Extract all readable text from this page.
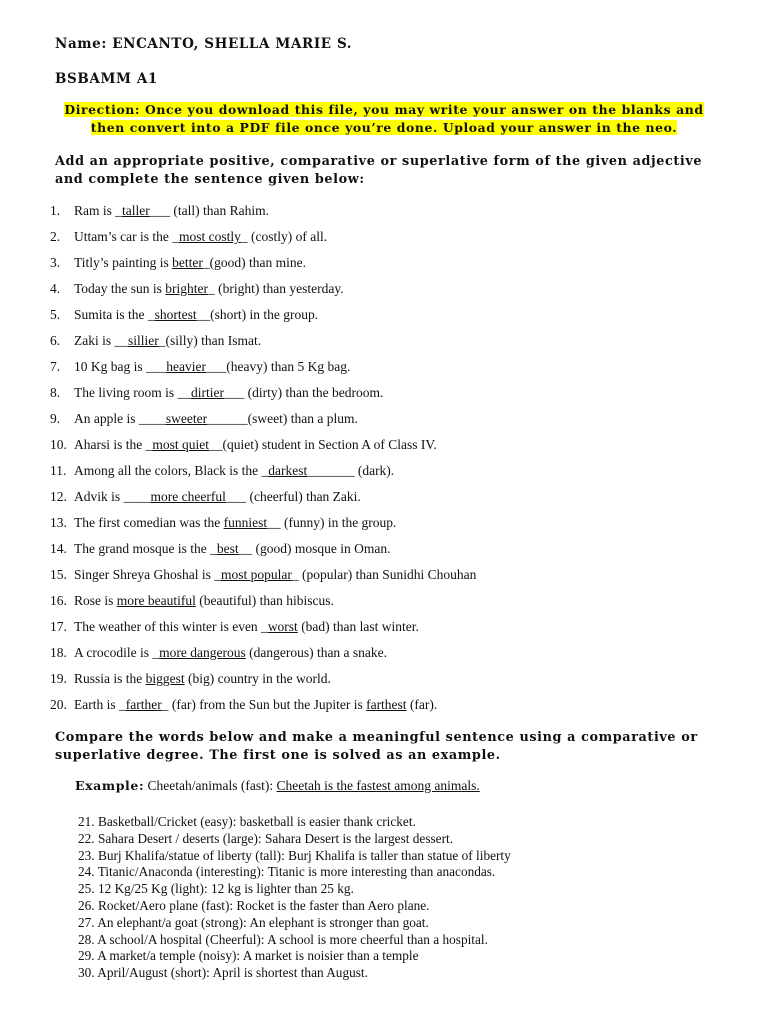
Name: ENCANTO, SHELLA MARIE S.
BSBAMM A1
Direction: Once you download this file, you may write your answer on the blanks and
then convert into a PDF file once you’re done. Upload your answer in the neo.
Add an appropriate positive, comparative or superlative form of the given adjective
and complete the sentence given below:
1. Ram is _taller___ (tall) than Rahim.
2. Uttam’s car is the _most costly_ (costly) of all.
3. Titly’s painting is better_(good) than mine.
4. Today the sun is brighter_ (bright) than yesterday.
5. Sumita is the _shortest__(short) in the group.
6. Zaki is __sillier_(silly) than Ismat.
7. 10 Kg bag is ___heavier___(heavy) than 5 Kg bag.
8. The living room is __dirtier___ (dirty) than the bedroom.
9. An apple is ____sweeter______(sweet) than a plum.
10. Aharsi is the _most quiet__(quiet) student in Section A of Class IV.
11. Among all the colors, Black is the _darkest_______ (dark).
12. Advik is ____more cheerful___ (cheerful) than Zaki.
13. The first comedian was the funniest__ (funny) in the group.
14. The grand mosque is the _best__ (good) mosque in Oman.
15. Singer Shreya Ghoshal is _most popular_ (popular) than Sunidhi Chouhan
16. Rose is more beautiful (beautiful) than hibiscus.
17. The weather of this winter is even _worst (bad) than last winter.
18. A crocodile is _more dangerous (dangerous) than a snake.
19. Russia is the biggest (big) country in the world.
20. Earth is _farther_ (far) from the Sun but the Jupiter is farthest (far).
Compare the words below and make a meaningful sentence using a comparative or
superlative degree. The first one is solved as an example.
Example: Cheetah/animals (fast): Cheetah is the fastest among animals.
21. Basketball/Cricket (easy): basketball is easier thank cricket.
22. Sahara Desert / deserts (large): Sahara Desert is the largest dessert.
23. Burj Khalifa/statue of liberty (tall): Burj Khalifa is taller than statue of liberty
24. Titanic/Anaconda (interesting): Titanic is more interesting than anacondas.
25. 12 Kg/25 Kg (light): 12 kg is lighter than 25 kg.
26. Rocket/Aero plane (fast): Rocket is the faster than Aero plane.
27. An elephant/a goat (strong): An elephant is stronger than goat.
28. A school/A hospital (Cheerful): A school is more cheerful than a hospital.
29. A market/a temple (noisy): A market is noisier than a temple
30. April/August (short): April is shortest than August.
